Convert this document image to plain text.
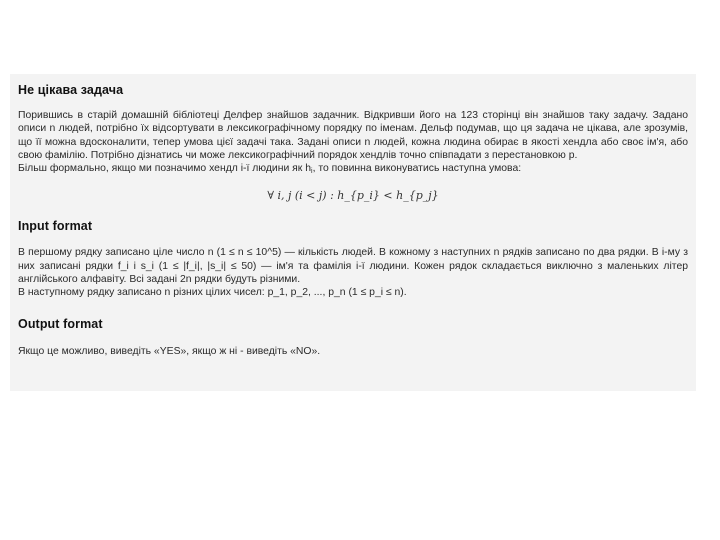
Не цікава задача

Порившись в старій домашній бібліотеці Делфер знайшов задачник. Відкривши його на 123 сторінці він знайшов таку задачу. Задано описи n людей, потрібно їх відсортувати в лексикографічному порядку по іменам. Дельф подумав, що ця задача не цікава, але зрозумів, що її можна вдосконалити, тепер умова цієї задачі така. Задані описи n людей, кожна людина обирає в якості хендла або своє ім'я, або свою фамілію. Потрібно дізнатись чи може лексикографічний порядок хендлів точно співпадати з перестановкою p.

Більш формально, якщо ми позначимо хендл i-ї людини як $h_i$, то повинна виконуватись наступна умова:

∀ i, j (i < j) : h_{p_i} < h_{p_j}
Input format

В першому рядку записано ціле число n (1 ≤ n ≤ 10^5) — кількість людей. В кожному з наступних n рядків записано по два рядки. В i-му з них записані рядки f_i і s_i (1 ≤ |f_i|, |s_i| ≤ 50) — ім'я та фамілія i-ї людини. Кожен рядок складається виключно з маленьких літер англійського алфавіту. Всі задані 2n рядки будуть різними.

В наступному рядку записано n різних цілих чисел: p_1, p_2, ..., p_n (1 ≤ p_i ≤ n).

Output format

Якщо це можливо, виведіть «YES», якщо ж ні - виведіть «NO».
